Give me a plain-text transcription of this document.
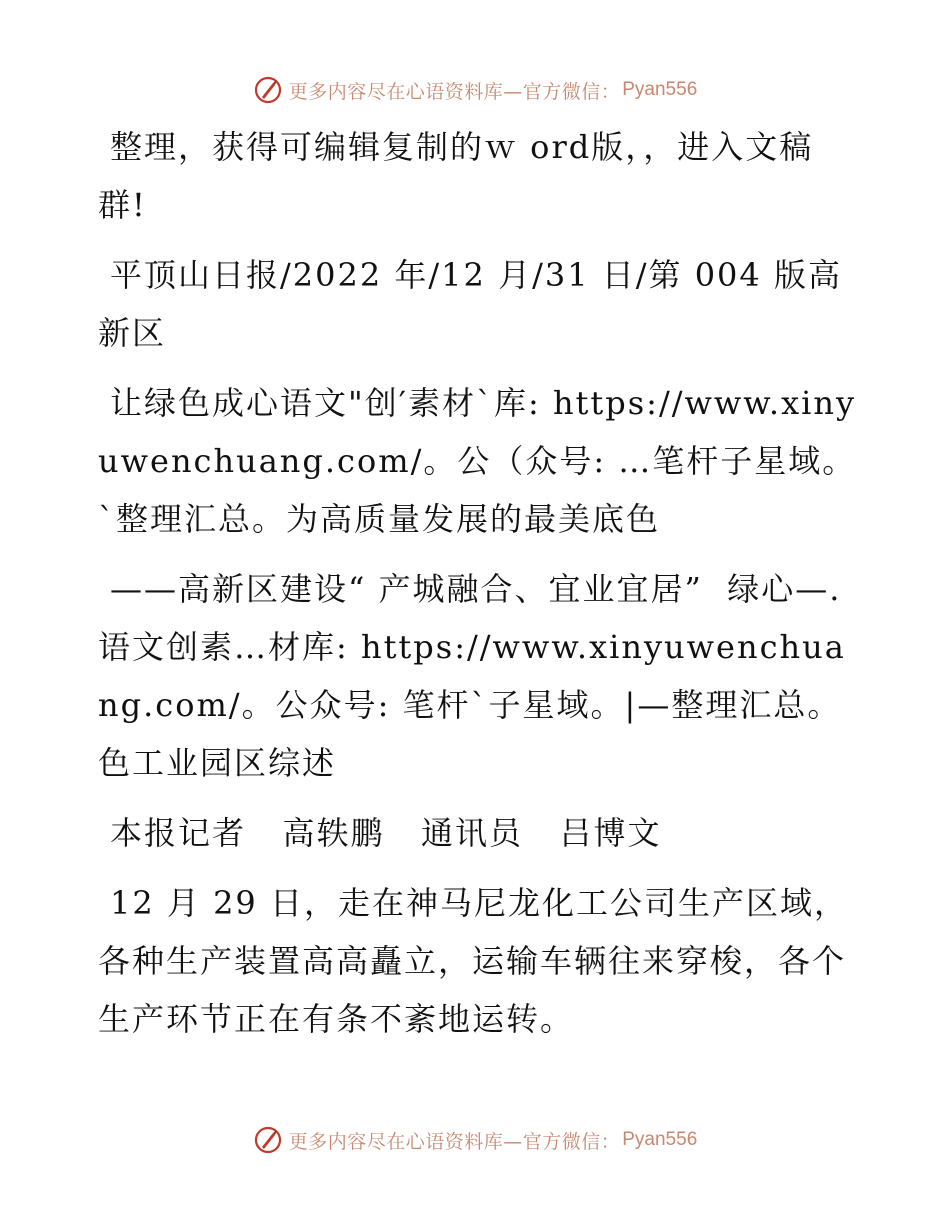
更多内容尽在心语资料库—官方微信： Pyan556

整理，获得可编辑复制的ｗ ord版，，进入文稿群!

平顶山日报/2022 年/12 月/31 日/第 004 版高新区

让绿色成心语文"创′素材`库: https://www.xinyuwenchuang.com/。公（众号: …笔杆子星域。`整理汇总。为高质量发展的最美底色

——高新区建设“ 产城融合、宜业宜居”  绿心—.语文创素…材库: https://www.xinyuwenchuang.com/。公众号: 笔杆`子星域。|—整理汇总。色工业园区综述

本报记者   高轶鹏   通讯员   吕博文

12 月 29 日，走在神马尼龙化工公司生产区域，各种生产装置高高矗立，运输车辆往来穿梭，各个生产环节正在有条不紊地运转。

更多内容尽在心语资料库—官方微信： Pyan556
